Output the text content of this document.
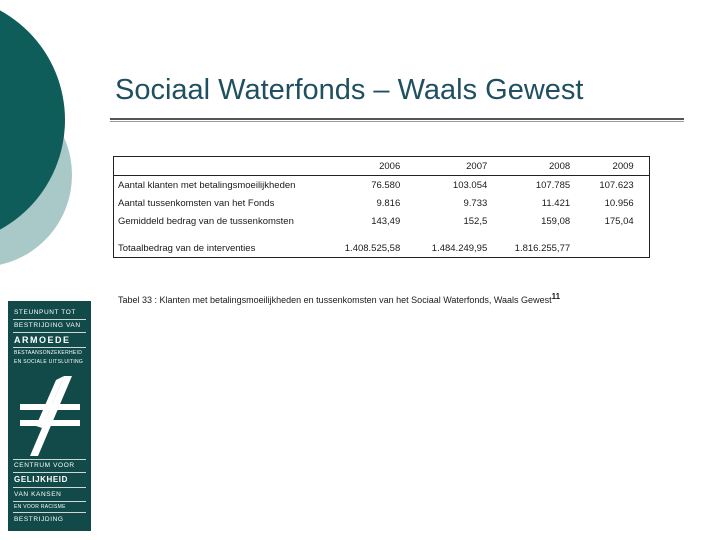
Sociaal Waterfonds – Waals Gewest
	2006	2007	2008	2009	
Aantal klanten met betalingsmoeilijkheden	76.580	103.054	107.785	107.623	
Aantal tussenkomsten van het Fonds	9.816	9.733	11.421	10.956	
Gemiddeld bedrag van de tussenkomsten	143,49	152,5	159,08	175,04	
Totaalbedrag van de interventies	1.408.525,58	1.484.249,95	1.816.255,77		
Tabel 33 : Klanten met betalingsmoeilijkheden en tussenkomsten van het Sociaal Waterfonds, Waals Gewest$^{11}$
STEUNPUNT TOT
BESTRIJDING VAN
ARMOEDE
BESTAANSONZEKERHEID
EN SOCIALE UITSLUITING
CENTRUM VOOR
GELIJKHEID
VAN KANSEN
EN VOOR RACISME
BESTRIJDING
